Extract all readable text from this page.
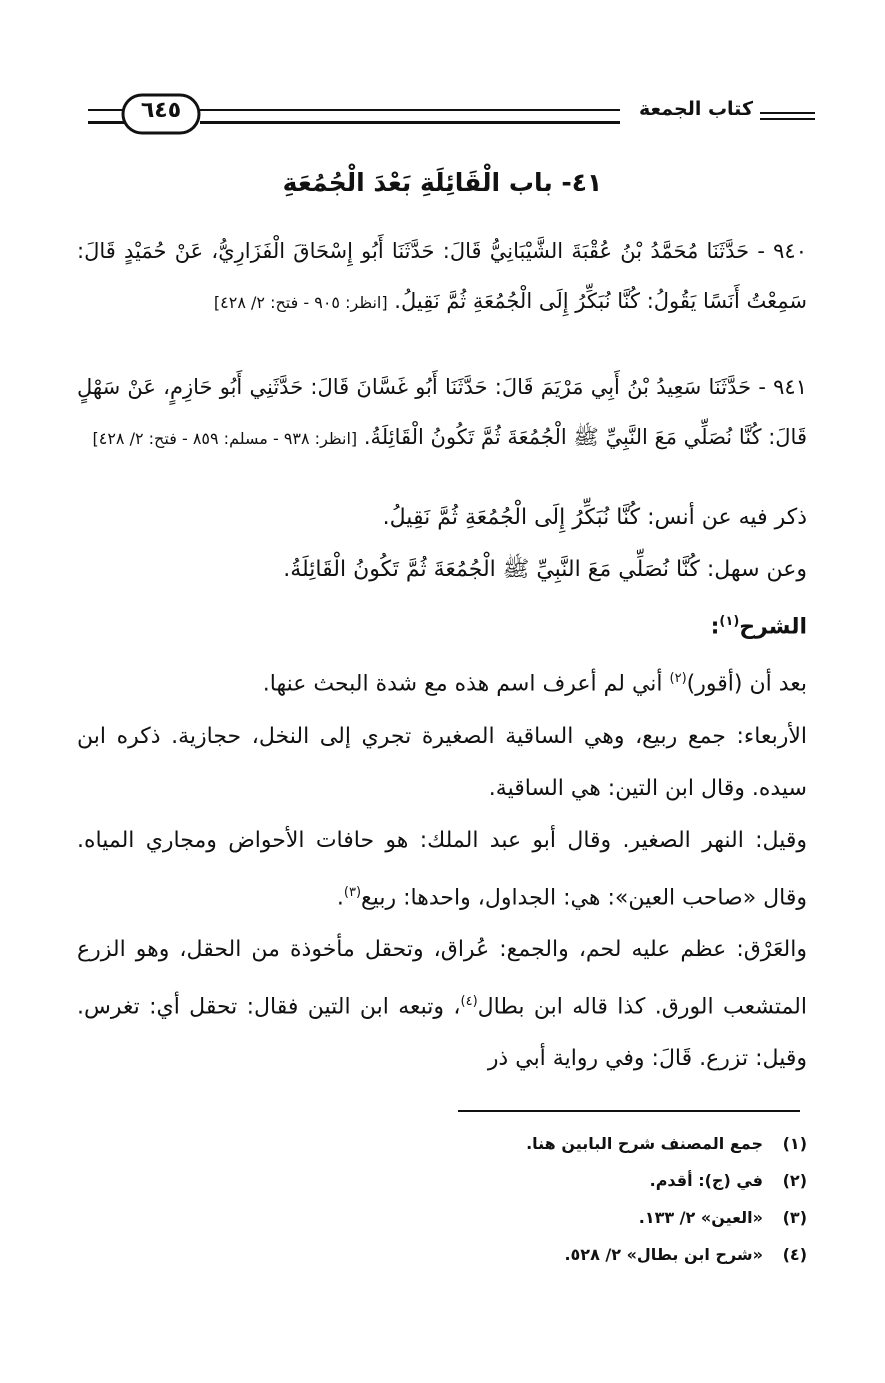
كتاب الجمعة
٦٤٥
٤١- باب الْقَائِلَةِ بَعْدَ الْجُمُعَةِ

٩٤٠ - حَدَّثَنَا مُحَمَّدُ بْنُ عُقْبَةَ الشَّيْبَانِيُّ قَالَ: حَدَّثَنَا أَبُو إِسْحَاقَ الْفَزَارِيُّ، عَنْ حُمَيْدٍ قَالَ: سَمِعْتُ أَنَسًا يَقُولُ: كُنَّا نُبَكِّرُ إِلَى الْجُمُعَةِ ثُمَّ نَقِيلُ. [انظر: ٩٠٥ - فتح: ٢/ ٤٢٨]

٩٤١ - حَدَّثَنَا سَعِيدُ بْنُ أَبِي مَرْيَمَ قَالَ: حَدَّثَنَا أَبُو غَسَّانَ قَالَ: حَدَّثَنِي أَبُو حَازِمٍ، عَنْ سَهْلٍ قَالَ: كُنَّا نُصَلِّي مَعَ النَّبِيِّ ﷺ الْجُمُعَةَ ثُمَّ تَكُونُ الْقَائِلَةُ. [انظر: ٩٣٨ - مسلم: ٨٥٩ - فتح: ٢/ ٤٢٨]

ذكر فيه عن أنس: كُنَّا نُبَكِّرُ إِلَى الْجُمُعَةِ ثُمَّ نَقِيلُ.

وعن سهل: كُنَّا نُصَلِّي مَعَ النَّبِيِّ ﷺ الْجُمُعَةَ ثُمَّ تَكُونُ الْقَائِلَةُ.

الشرح$^{(١)}$:

بعد أن (أقور)$^{(٢)}$ أني لم أعرف اسم هذه مع شدة البحث عنها.

الأربعاء: جمع ربيع، وهي الساقية الصغيرة تجري إلى النخل، حجازية. ذكره ابن سيده. وقال ابن التين: هي الساقية.

وقيل: النهر الصغير. وقال أبو عبد الملك: هو حافات الأحواض ومجاري المياه. وقال «صاحب العين»: هي: الجداول، واحدها: ربيع$^{(٣)}$.

والعَرْق: عظم عليه لحم، والجمع: عُراق، وتحقل مأخوذة من الحقل، وهو الزرع المتشعب الورق. كذا قاله ابن بطال$^{(٤)}$، وتبعه ابن التين فقال: تحقل أي: تغرس. وقيل: تزرع. قَالَ: وفي رواية أبي ذر

(١)جمع المصنف شرح البابين هنا.
(٢)في (ج): أقدم.
(٣)«العين» ٢/ ١٣٣.
(٤)«شرح ابن بطال» ٢/ ٥٢٨.
